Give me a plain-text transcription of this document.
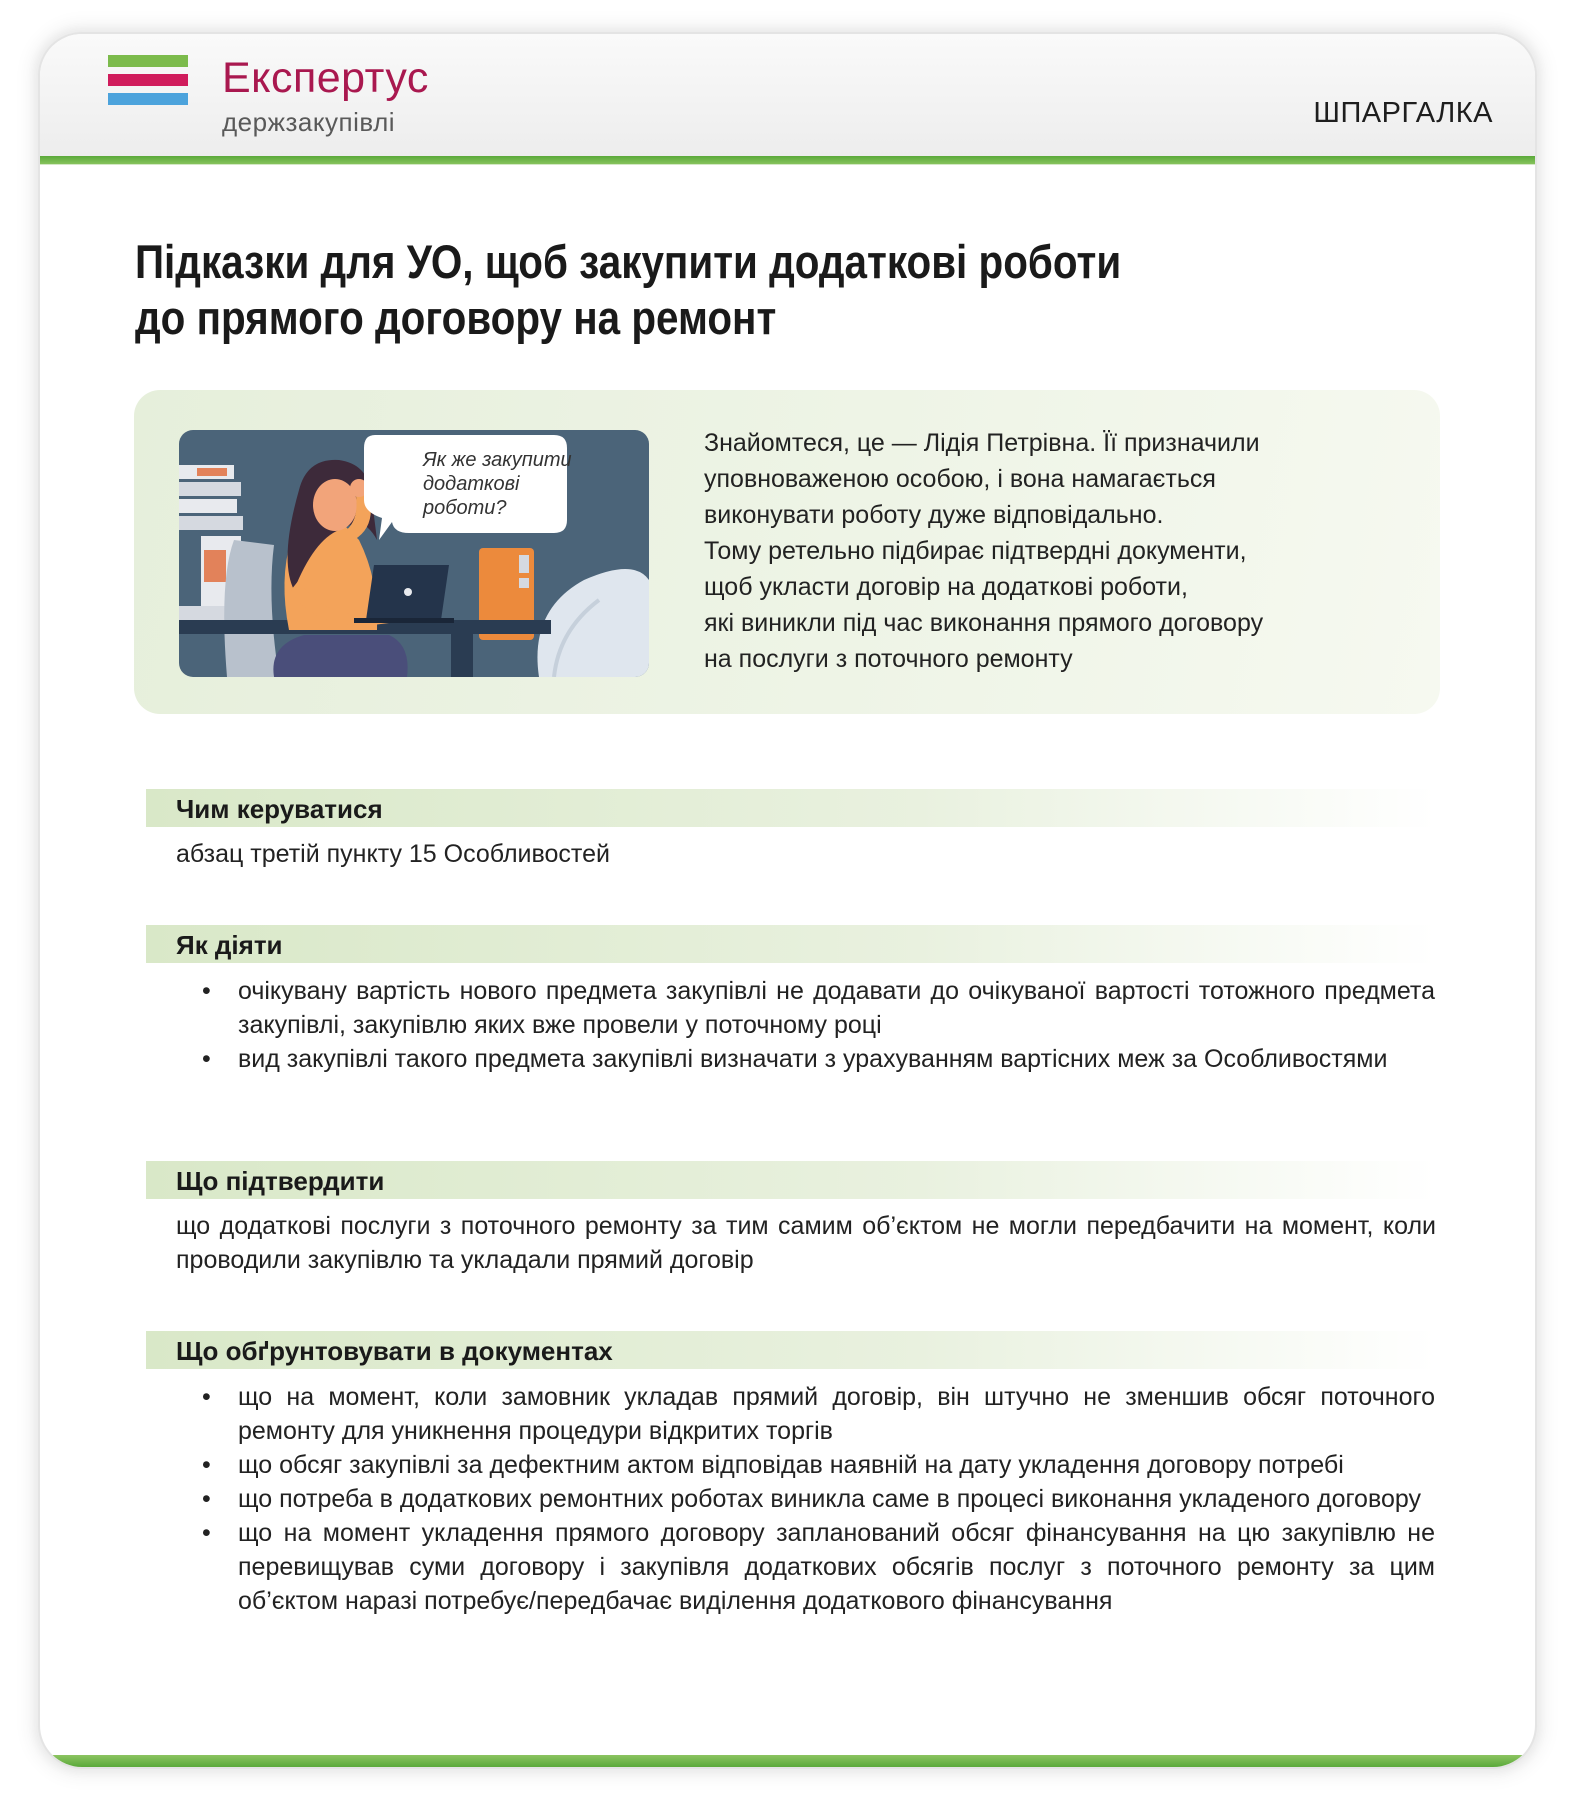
Експертус
держзакупівлі	ШПАРГАЛКА
Підказки для УО, щоб закупити додаткові роботи
до прямого договору на ремонт
Як же закупити
додаткові
роботи?
Знайомтеся, це — Лідія Петрівна. Її призначили
уповноваженою особою, і вона намагається
виконувати роботу дуже відповідально.
Тому ретельно підбирає підтвердні документи,
щоб укласти договір на додаткові роботи,
які виникли під час виконання прямого договору
на послуги з поточного ремонту
Чим керуватися
абзац третій пункту 15 Особливостей
Як діяти
• очікувану вартість нового предмета закупівлі не додавати до очікуваної вартості тотожного предмета закупівлі, закупівлю яких вже провели у поточному році
• вид закупівлі такого предмета закупівлі визначати з урахуванням вартісних меж за Особливостями
Що підтвердити
що додаткові послуги з поточного ремонту за тим самим об’єктом не могли передбачити на момент, коли проводили закупівлю та укладали прямий договір
Що обґрунтовувати в документах
• що на момент, коли замовник укладав прямий договір, він штучно не зменшив обсяг поточного ремонту для уникнення процедури відкритих торгів
• що обсяг закупівлі за дефектним актом відповідав наявній на дату укладення договору потребі
• що потреба в додаткових ремонтних роботах виникла саме в процесі виконання укладеного договору
• що на момент укладення прямого договору запланований обсяг фінансування на цю закупівлю не перевищував суми договору і закупівля додаткових обсягів послуг з поточного ремонту за цим об’єктом наразі потребує/передбачає виділення додаткового фінансування
